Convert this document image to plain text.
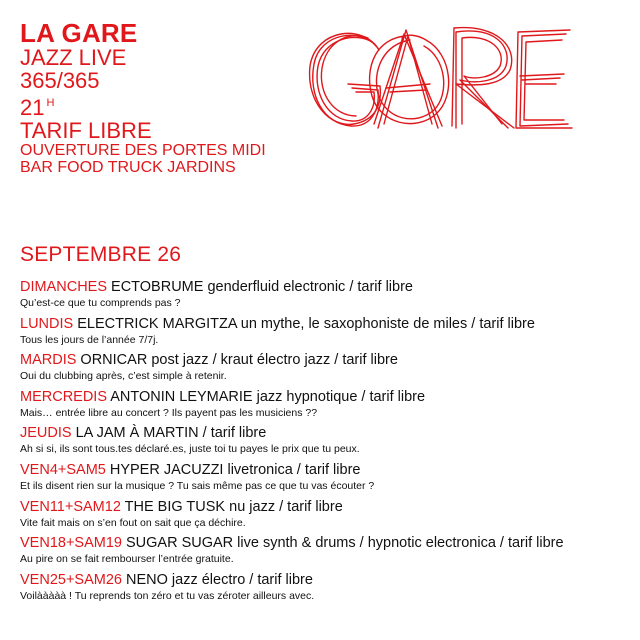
LA GARE
JAZZ LIVE
365/365
21 $^H$
TARIF LIBRE
OUVERTURE DES PORTES MIDI
BAR FOOD TRUCK JARDINS
SEPTEMBRE 26
DIMANCHES ECTOBRUME genderfluid electronic / tarif libre
Qu’est-ce que tu comprends pas ?
LUNDIS ELECTRICK MARGITZA un mythe, le saxophoniste de miles / tarif libre
Tous les jours de l’année 7/7j.
MARDIS ORNICAR post jazz / kraut électro jazz / tarif libre
Oui du clubbing après, c’est simple à retenir.
MERCREDIS ANTONIN LEYMARIE jazz hypnotique / tarif libre
Mais… entrée libre au concert ? Ils payent pas les musiciens ??
JEUDIS LA JAM À MARTIN / tarif libre
Ah si si, ils sont tous.tes déclaré.es, juste toi tu payes le prix que tu peux.
VEN4+SAM5 HYPER JACUZZI livetronica / tarif libre
Et ils disent rien sur la musique ? Tu sais même pas ce que tu vas écouter ?
VEN11+SAM12 THE BIG TUSK nu jazz / tarif libre
Vite fait mais on s’en fout on sait que ça déchire.
VEN18+SAM19 SUGAR SUGAR live synth & drums / hypnotic electronica / tarif libre
Au pire on se fait rembourser l’entrée gratuite.
VEN25+SAM26 NENO jazz électro / tarif libre
Voilààààà ! Tu reprends ton zéro et tu vas zéroter ailleurs avec.
